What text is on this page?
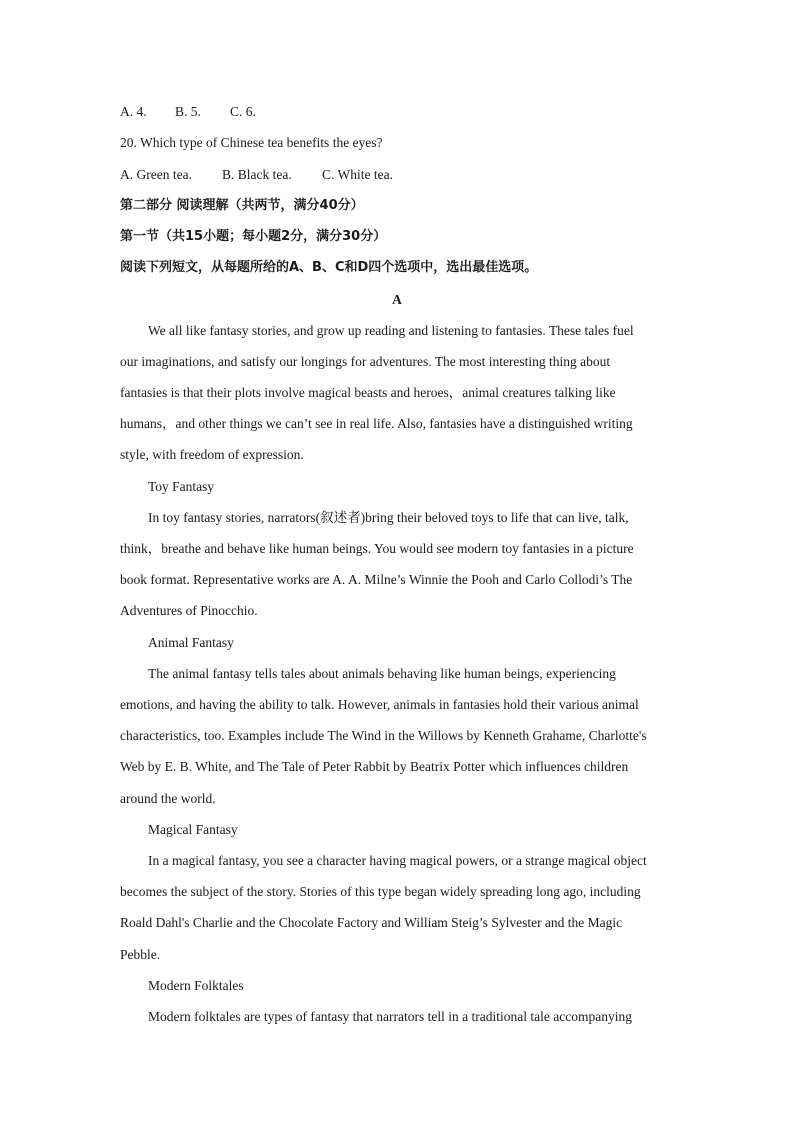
A. 4. B. 5. C. 6.
20. Which type of Chinese tea benefits the eyes?
A. Green tea. B. Black tea. C. White tea.
第二部分 阅读理解（共两节，满分40分）
第一节（共15小题；每小题2分，满分30分）
阅读下列短文，从每题所给的A、B、C和D四个选项中，选出最佳选项。
A
We all like fantasy stories, and grow up reading and listening to fantasies. These tales fuel
our imaginations, and satisfy our longings for adventures. The most interesting thing about
fantasies is that their plots involve magical beasts and heroes，animal creatures talking like
humans，and other things we can’t see in real life. Also, fantasies have a distinguished writing
style, with freedom of expression.
Toy Fantasy
In toy fantasy stories, narrators(叙述者)bring their beloved toys to life that can live, talk,
think，breathe and behave like human beings. You would see modern toy fantasies in a picture
book format. Representative works are A. A. Milne’s Winnie the Pooh and Carlo Collodi’s The
Adventures of Pinocchio.
Animal Fantasy
The animal fantasy tells tales about animals behaving like human beings, experiencing
emotions, and having the ability to talk. However, animals in fantasies hold their various animal
characteristics, too. Examples include The Wind in the Willows by Kenneth Grahame, Charlotte's
Web by E. B. White, and The Tale of Peter Rabbit by Beatrix Potter which influences children
around the world.
Magical Fantasy
In a magical fantasy, you see a character having magical powers, or a strange magical object
becomes the subject of the story. Stories of this type began widely spreading long ago, including
Roald Dahl's Charlie and the Chocolate Factory and William Steig’s Sylvester and the Magic
Pebble.
Modern Folktales
Modern folktales are types of fantasy that narrators tell in a traditional tale accompanying
